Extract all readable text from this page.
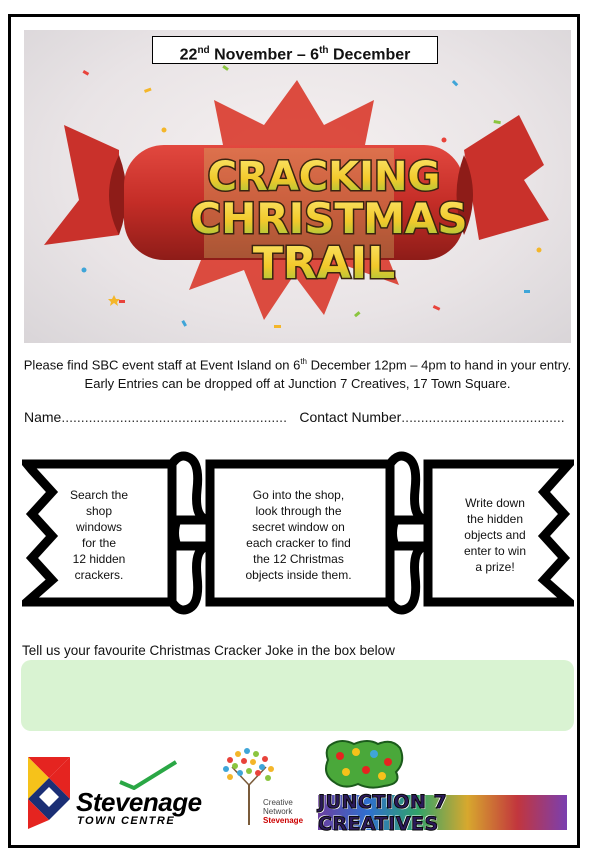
CRACKING
CHRISTMAS
TRAIL
22nd November – 6th December

Please find SBC event staff at Event Island on 6th December 12pm – 4pm to hand in your entry.

Early Entries can be dropped off at Junction 7 Creatives, 17 Town Square.

Name .......................................................... Contact Number ..........................................
Search the
shop
windows
for the
12 hidden
crackers.
Go into the shop,
look through the
secret window on
each cracker to find
the 12 Christmas
objects inside them.
Write down
the hidden
objects and
enter to win
a prize!
Tell us your favourite Christmas Cracker Joke in the box below
Stevenage
TOWN CENTRE
Creative
Network
Stevenage
JUNCTION 7 CREATIVES
